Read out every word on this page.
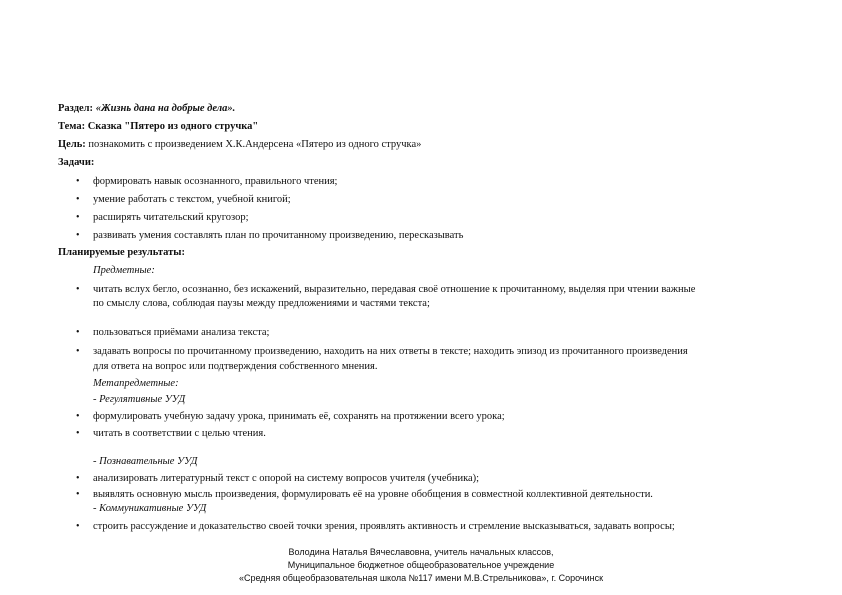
Раздел: «Жизнь дана на добрые дела».
Тема: Сказка "Пятеро из одного стручка"
Цель: познакомить с произведением Х.К.Андерсена «Пятеро из одного стручка»
Задачи:
• формировать навык осознанного, правильного чтения;
• умение работать с текстом, учебной книгой;
• расширять читательский кругозор;
• развивать умения составлять план по прочитанному произведению, пересказывать
Планируемые результаты:
Предметные:
• читать вслух бегло, осознанно, без искажений, выразительно, передавая своё отношение к прочитанному, выделяя при чтении важные
по смыслу слова, соблюдая паузы между предложениями и частями текста;
• пользоваться приёмами анализа текста;
• задавать вопросы по прочитанному произведению, находить на них ответы в тексте; находить эпизод из прочитанного произведения
для ответа на вопрос или подтверждения собственного мнения.
Метапредметные:
- Регулятивные УУД
• формулировать учебную задачу урока, принимать её, сохранять на протяжении всего урока;
• читать в соответствии с целью чтения.
- Познавательные УУД
• анализировать литературный текст с опорой на систему вопросов учителя (учебника);
• выявлять основную мысль произведения, формулировать её на уровне обобщения в совместной коллективной деятельности.
- Коммуникативные УУД
• строить рассуждение и доказательство своей точки зрения, проявлять активность и стремление высказываться, задавать вопросы;
Володина Наталья Вячеславовна, учитель начальных классов,
Муниципальное бюджетное общеобразовательное учреждение
«Средняя общеобразовательная школа №117 имени М.В.Стрельникова», г. Сорочинск
